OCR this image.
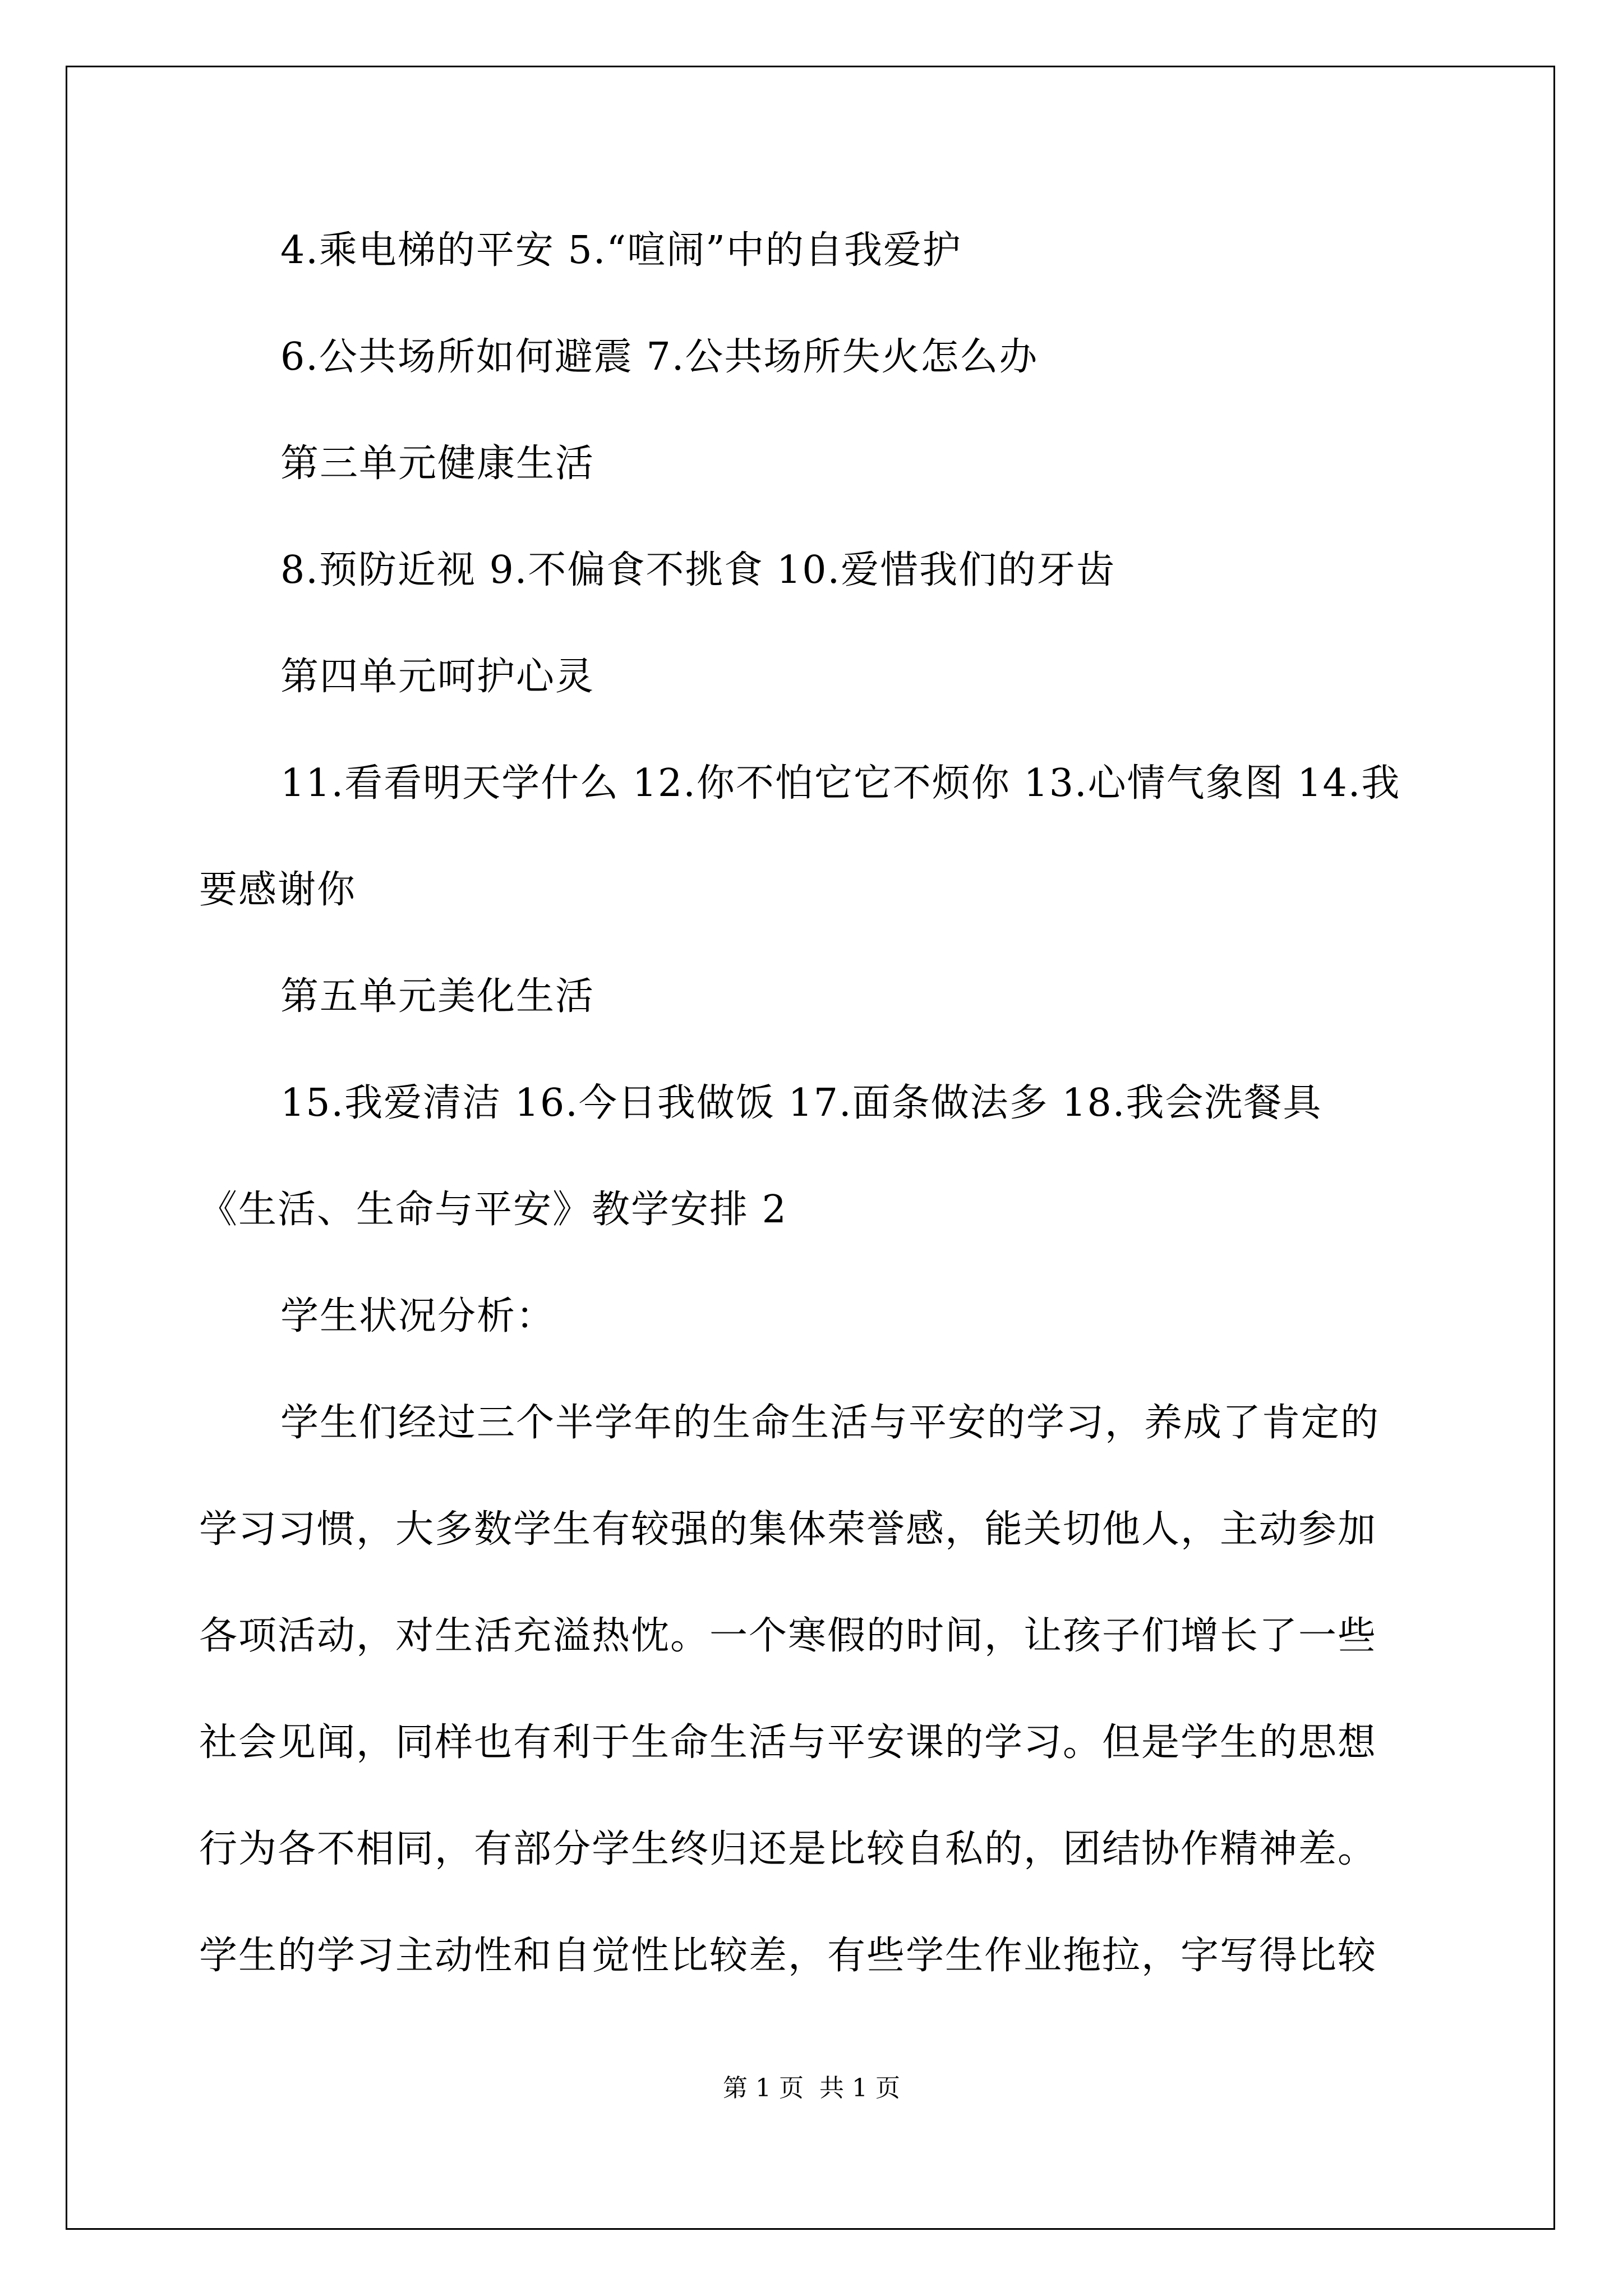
4.乘电梯的平安 5.“喧闹”中的自我爱护
6.公共场所如何避震 7.公共场所失火怎么办
第三单元健康生活
8.预防近视 9.不偏食不挑食 10.爱惜我们的牙齿
第四单元呵护心灵
11.看看明天学什么 12.你不怕它它不烦你 13.心情气象图 14.我
要感谢你
第五单元美化生活
15.我爱清洁 16.今日我做饭 17.面条做法多 18.我会洗餐具
《生活、生命与平安》教学安排 2
学生状况分析：
学生们经过三个半学年的生命生活与平安的学习，养成了肯定的
学习习惯，大多数学生有较强的集体荣誉感，能关切他人，主动参加
各项活动，对生活充溢热忱。一个寒假的时间，让孩子们增长了一些
社会见闻，同样也有利于生命生活与平安课的学习。但是学生的思想
行为各不相同，有部分学生终归还是比较自私的，团结协作精神差。
学生的学习主动性和自觉性比较差，有些学生作业拖拉，字写得比较
第 1 页 共 1 页
